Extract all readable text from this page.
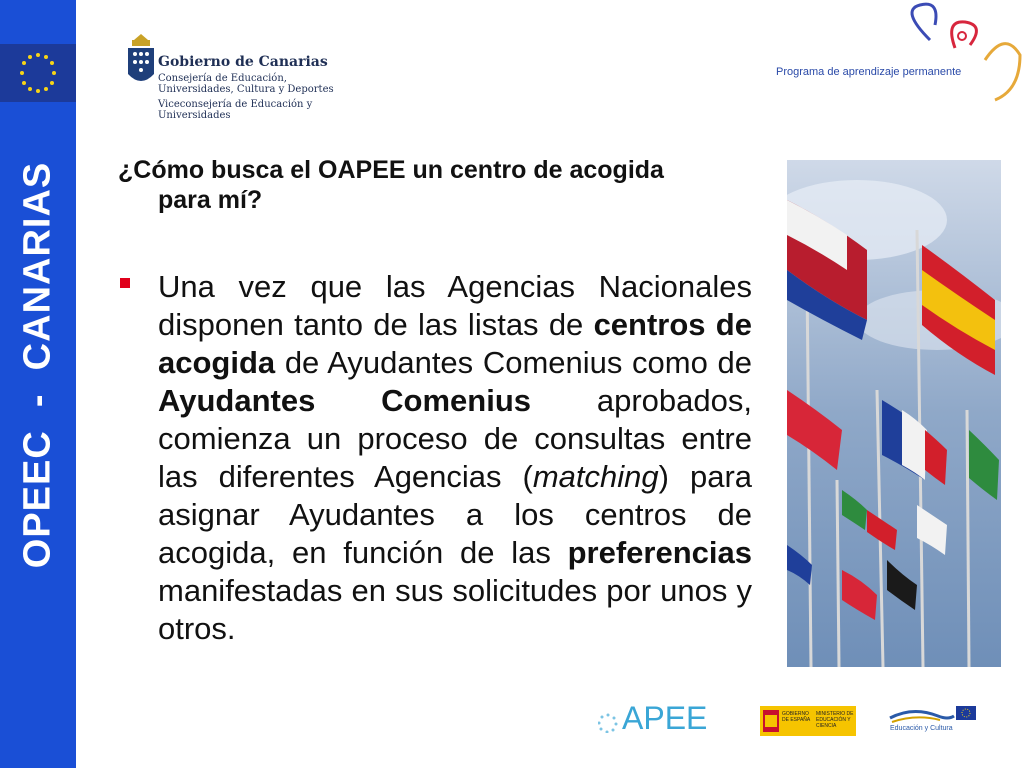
OPEEC  -  CANARIAS
Gobierno de Canarias
Consejería de Educación, Universidades, Cultura y Deportes
Viceconsejería de Educación y Universidades
Programa de aprendizaje permanente
¿Cómo busca el OAPEE un centro de acogida
para mí?
Una vez que las Agencias Nacionales disponen tanto de las listas de centros de acogida de Ayudantes Comenius como de Ayudantes Comenius aprobados, comienza un proceso de consultas entre las diferentes Agencias (matching) para asignar Ayudantes a los centros de acogida, en función de las preferencias manifestadas en sus solicitudes por unos y otros.
APEE	GOBIERNO DE ESPAÑA
MINISTERIO DE EDUCACIÓN Y CIENCIA	Educación y Cultura
